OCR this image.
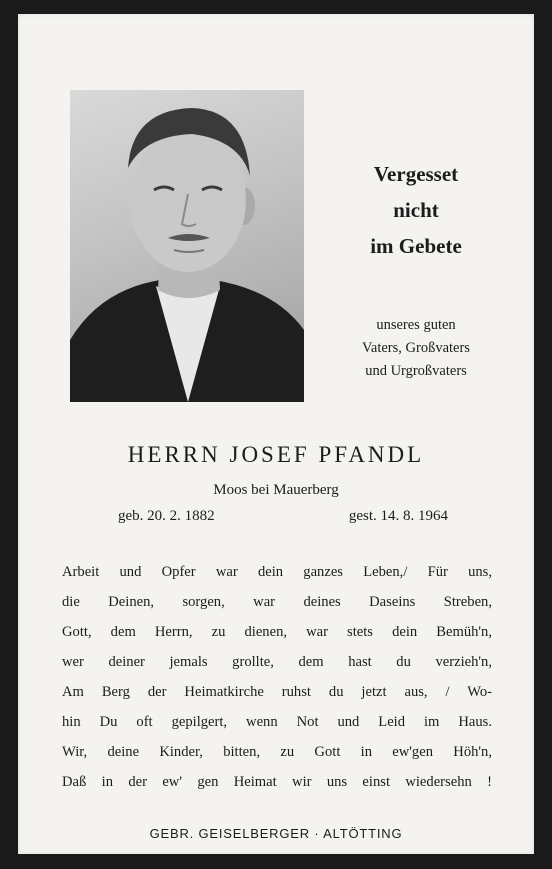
Vergesset
nicht
im Gebete
unseres guten
Vaters, Großvaters
und Urgroßvaters
HERRN JOSEF PFANDL
Moos bei Mauerberg
geb. 20. 2. 1882	gest. 14. 8. 1964
Arbeit und Opfer war dein ganzes Leben,/ Für uns,
die Deinen, sorgen, war deines Daseins Streben,
Gott, dem Herrn, zu dienen, war stets dein Bemüh'n,
wer deiner jemals grollte, dem hast du verzieh'n,
Am Berg der Heimatkirche ruhst du jetzt aus, / Wo-
hin Du oft gepilgert, wenn Not und Leid im Haus.
Wir, deine Kinder, bitten, zu Gott in ew'gen Höh'n,
Daß in der ew' gen Heimat wir uns einst wiedersehn !
GEBR. GEISELBERGER · ALTÖTTING
